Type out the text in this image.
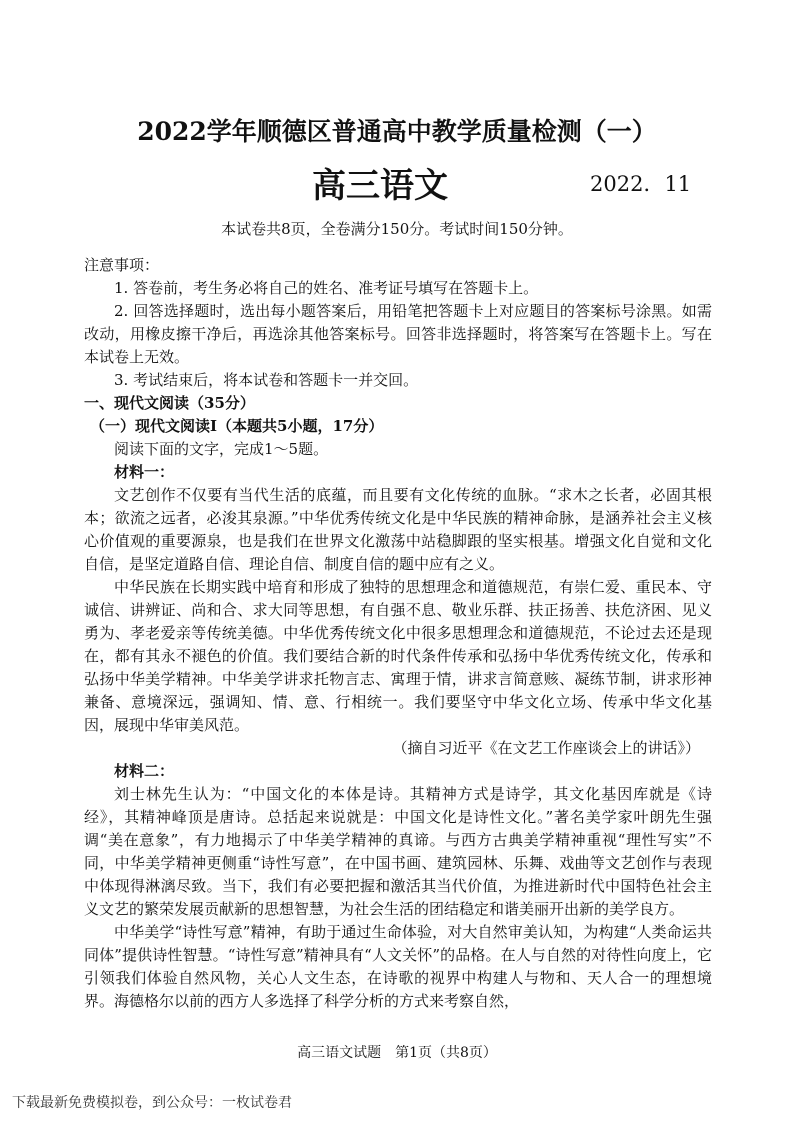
2022学年顺德区普通高中教学质量检测（一）
高三语文	2022．11
本试卷共8页，全卷满分150分。考试时间150分钟。

注意事项：

1. 答卷前，考生务必将自己的姓名、准考证号填写在答题卡上。

2. 回答选择题时，选出每小题答案后，用铅笔把答题卡上对应题目的答案标号涂黑。如需改动，用橡皮擦干净后，再选涂其他答案标号。回答非选择题时，将答案写在答题卡上。写在本试卷上无效。

3. 考试结束后，将本试卷和答题卡一并交回。

一、现代文阅读（35分）

（一）现代文阅读Ⅰ（本题共5小题，17分）

阅读下面的文字，完成1～5题。

材料一：

文艺创作不仅要有当代生活的底蕴，而且要有文化传统的血脉。“求木之长者，必固其根本；欲流之远者，必浚其泉源。”中华优秀传统文化是中华民族的精神命脉，是涵养社会主义核心价值观的重要源泉，也是我们在世界文化激荡中站稳脚跟的坚实根基。增强文化自觉和文化自信，是坚定道路自信、理论自信、制度自信的题中应有之义。

中华民族在长期实践中培育和形成了独特的思想理念和道德规范，有崇仁爱、重民本、守诚信、讲辨证、尚和合、求大同等思想，有自强不息、敬业乐群、扶正扬善、扶危济困、见义勇为、孝老爱亲等传统美德。中华优秀传统文化中很多思想理念和道德规范，不论过去还是现在，都有其永不褪色的价值。我们要结合新的时代条件传承和弘扬中华优秀传统文化，传承和弘扬中华美学精神。中华美学讲求托物言志、寓理于情，讲求言简意赅、凝练节制，讲求形神兼备、意境深远，强调知、情、意、行相统一。我们要坚守中华文化立场、传承中华文化基因，展现中华审美风范。

（摘自习近平《在文艺工作座谈会上的讲话》）

材料二：

刘士林先生认为：“中国文化的本体是诗。其精神方式是诗学，其文化基因库就是《诗经》，其精神峰顶是唐诗。总括起来说就是：中国文化是诗性文化。”著名美学家叶朗先生强调“美在意象”，有力地揭示了中华美学精神的真谛。与西方古典美学精神重视“理性写实”不同，中华美学精神更侧重“诗性写意”，在中国书画、建筑园林、乐舞、戏曲等文艺创作与表现中体现得淋漓尽致。当下，我们有必要把握和激活其当代价值，为推进新时代中国特色社会主义文艺的繁荣发展贡献新的思想智慧，为社会生活的团结稳定和谐美丽开出新的美学良方。

中华美学“诗性写意”精神，有助于通过生命体验，对大自然审美认知，为构建“人类命运共同体”提供诗性智慧。“诗性写意”精神具有“人文关怀”的品格。在人与自然的对待性向度上，它引领我们体验自然风物，关心人文生态，在诗歌的视界中构建人与物和、天人合一的理想境界。海德格尔以前的西方人多选择了科学分析的方式来考察自然，

高三语文试题　第1页（共8页）
下载最新免费模拟卷，到公众号：一枚试卷君
